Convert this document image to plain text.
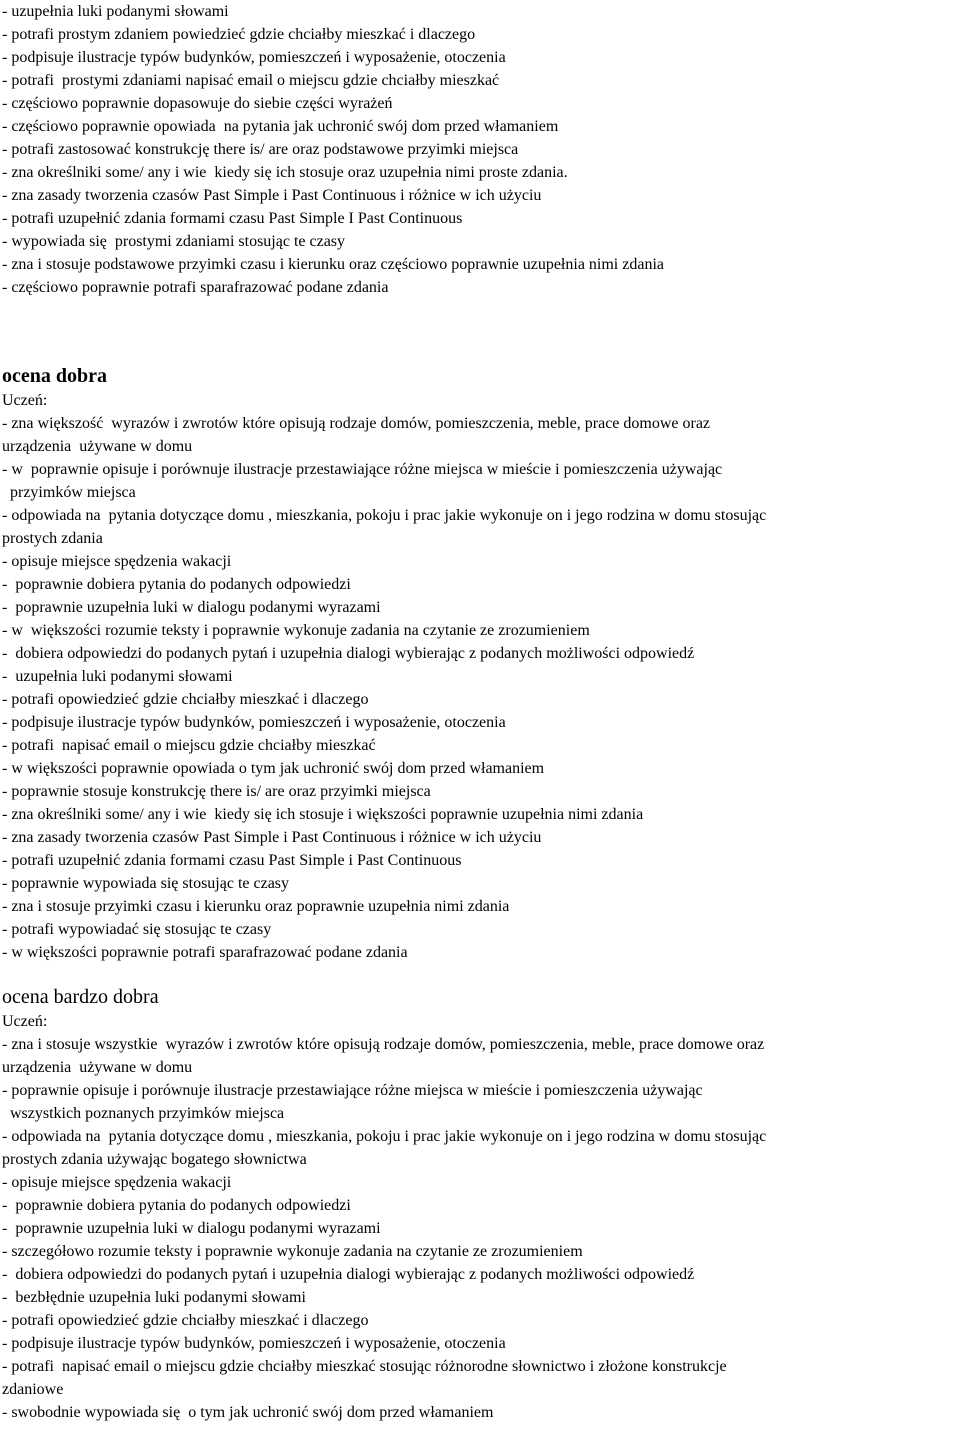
- uzupełnia luki podanymi słowami

- potrafi prostym zdaniem powiedzieć gdzie chciałby mieszkać i dlaczego

- podpisuje ilustracje typów budynków, pomieszczeń i wyposażenie, otoczenia

- potrafi  prostymi zdaniami napisać email o miejscu gdzie chciałby mieszkać

- częściowo poprawnie dopasowuje do siebie części wyrażeń

- częściowo poprawnie opowiada  na pytania jak uchronić swój dom przed włamaniem

- potrafi zastosować konstrukcję there is/ are oraz podstawowe przyimki miejsca

- zna określniki some/ any i wie  kiedy się ich stosuje oraz uzupełnia nimi proste zdania.

- zna zasady tworzenia czasów Past Simple i Past Continuous i różnice w ich użyciu

- potrafi uzupełnić zdania formami czasu Past Simple I Past Continuous

- wypowiada się  prostymi zdaniami stosując te czasy

- zna i stosuje podstawowe przyimki czasu i kierunku oraz częściowo poprawnie uzupełnia nimi zdania

- częściowo poprawnie potrafi sparafrazować podane zdania

ocena dobra

Uczeń:

- zna większość  wyrazów i zwrotów które opisują rodzaje domów, pomieszczenia, meble, prace domowe oraz

urządzenia  używane w domu

- w  poprawnie opisuje i porównuje ilustracje przestawiające różne miejsca w mieście i pomieszczenia używając

przyimków miejsca

- odpowiada na  pytania dotyczące domu , mieszkania, pokoju i prac jakie wykonuje on i jego rodzina w domu stosując

prostych zdania

- opisuje miejsce spędzenia wakacji

-  poprawnie dobiera pytania do podanych odpowiedzi

-  poprawnie uzupełnia luki w dialogu podanymi wyrazami

- w  większości rozumie teksty i poprawnie wykonuje zadania na czytanie ze zrozumieniem

-  dobiera odpowiedzi do podanych pytań i uzupełnia dialogi wybierając z podanych możliwości odpowiedź

-  uzupełnia luki podanymi słowami

- potrafi opowiedzieć gdzie chciałby mieszkać i dlaczego

- podpisuje ilustracje typów budynków, pomieszczeń i wyposażenie, otoczenia

- potrafi  napisać email o miejscu gdzie chciałby mieszkać

- w większości poprawnie opowiada o tym jak uchronić swój dom przed włamaniem

- poprawnie stosuje konstrukcję there is/ are oraz przyimki miejsca

- zna określniki some/ any i wie  kiedy się ich stosuje i większości poprawnie uzupełnia nimi zdania

- zna zasady tworzenia czasów Past Simple i Past Continuous i różnice w ich użyciu

- potrafi uzupełnić zdania formami czasu Past Simple i Past Continuous

- poprawnie wypowiada się stosując te czasy

- zna i stosuje przyimki czasu i kierunku oraz poprawnie uzupełnia nimi zdania

- potrafi wypowiadać się stosując te czasy

- w większości poprawnie potrafi sparafrazować podane zdania

ocena bardzo dobra

Uczeń:

- zna i stosuje wszystkie  wyrazów i zwrotów które opisują rodzaje domów, pomieszczenia, meble, prace domowe oraz

urządzenia  używane w domu

- poprawnie opisuje i porównuje ilustracje przestawiające różne miejsca w mieście i pomieszczenia używając

wszystkich poznanych przyimków miejsca

- odpowiada na  pytania dotyczące domu , mieszkania, pokoju i prac jakie wykonuje on i jego rodzina w domu stosując

prostych zdania używając bogatego słownictwa

- opisuje miejsce spędzenia wakacji

-  poprawnie dobiera pytania do podanych odpowiedzi

-  poprawnie uzupełnia luki w dialogu podanymi wyrazami

- szczegółowo rozumie teksty i poprawnie wykonuje zadania na czytanie ze zrozumieniem

-  dobiera odpowiedzi do podanych pytań i uzupełnia dialogi wybierając z podanych możliwości odpowiedź

-  bezbłędnie uzupełnia luki podanymi słowami

- potrafi opowiedzieć gdzie chciałby mieszkać i dlaczego

- podpisuje ilustracje typów budynków, pomieszczeń i wyposażenie, otoczenia

- potrafi  napisać email o miejscu gdzie chciałby mieszkać stosując różnorodne słownictwo i złożone konstrukcje

zdaniowe

- swobodnie wypowiada się  o tym jak uchronić swój dom przed włamaniem
